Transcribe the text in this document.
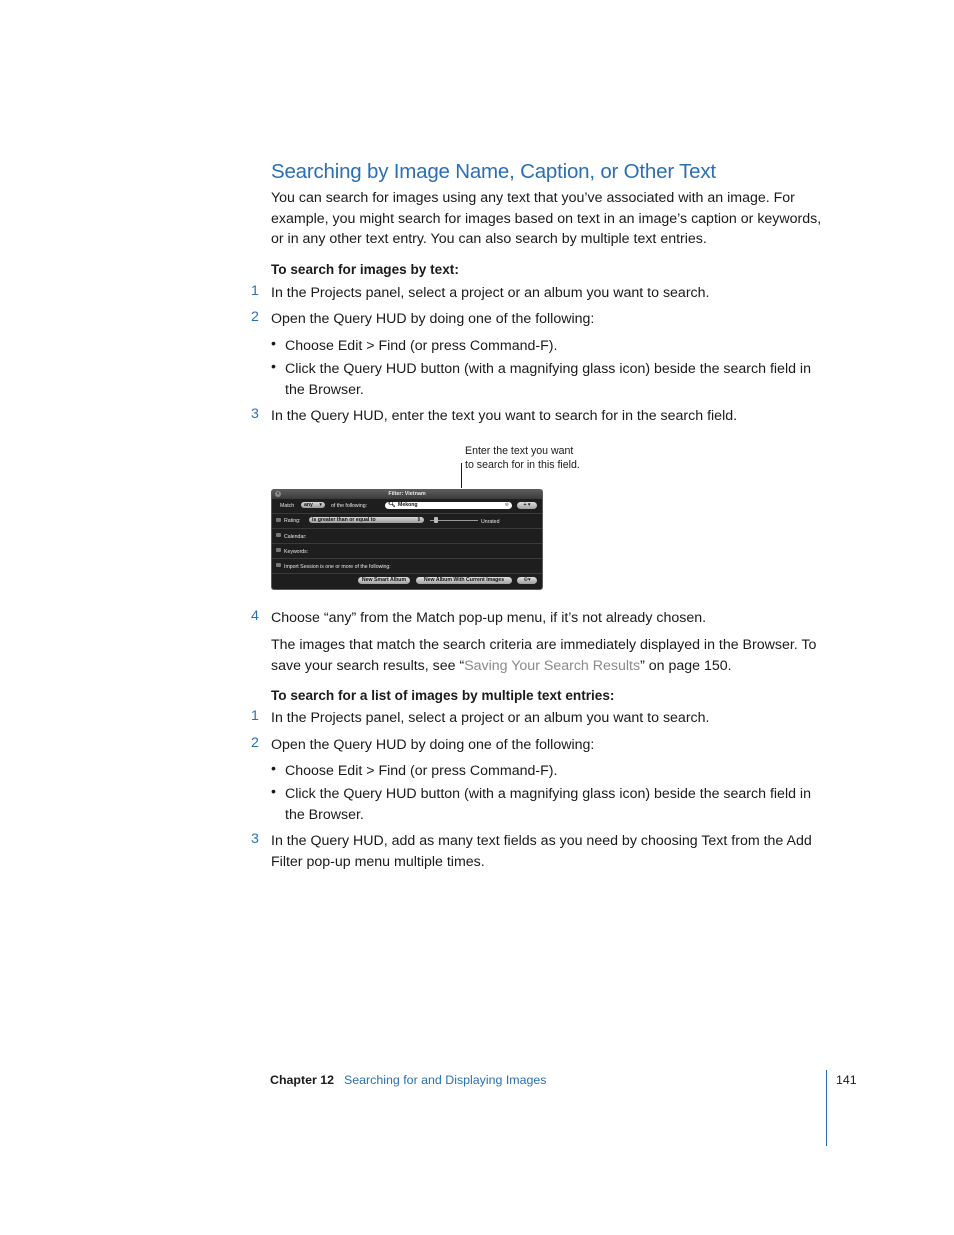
Searching by Image Name, Caption, or Other Text
You can search for images using any text that you’ve associated with an image. For
example, you might search for images based on text in an image’s caption or keywords,
or in any other text entry. You can also search by multiple text entries.
To search for images by text:
1 In the Projects panel, select a project or an album you want to search.
2 Open the Query HUD by doing one of the following:
• Choose Edit > Find (or press Command-F).
• Click the Query HUD button (with a magnifying glass icon) beside the search field in
the Browser.
3 In the Query HUD, enter the text you want to search for in the search field.
Enter the text you want
to search for in this field.
×	Filter: Vietnam
Match	any ▾ of the following:	🔍︎ Mekong	⊗	+ ▾
Rating:	is greater than or equal to	⇕	Unrated
Calendar:
Keywords:
Import Session is one or more of the following:
New Smart Album	New Album With Current Images	⚙▾
4 Choose “any” from the Match pop-up menu, if it’s not already chosen.
The images that match the search criteria are immediately displayed in the Browser. To
save your search results, see “Saving Your Search Results” on page 150.
To search for a list of images by multiple text entries:
1 In the Projects panel, select a project or an album you want to search.
2 Open the Query HUD by doing one of the following:
• Choose Edit > Find (or press Command-F).
• Click the Query HUD button (with a magnifying glass icon) beside the search field in
the Browser.
3 In the Query HUD, add as many text fields as you need by choosing Text from the Add
Filter pop-up menu multiple times.
Chapter 12 Searching for and Displaying Images	141
